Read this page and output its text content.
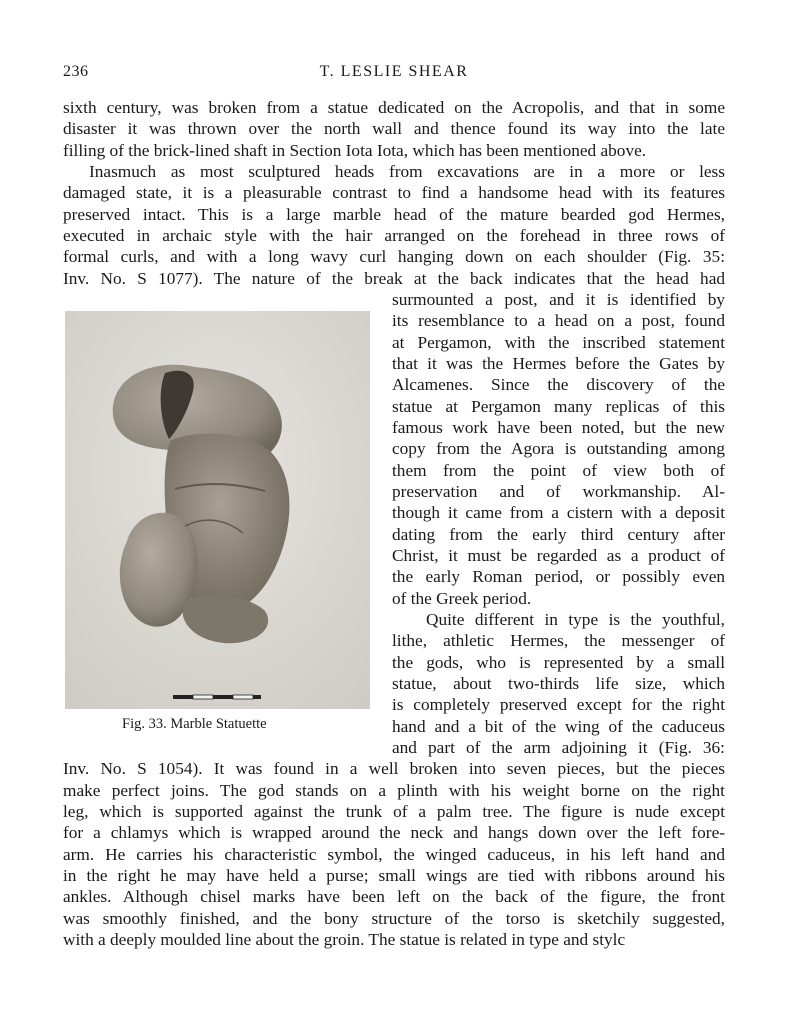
236	T. LESLIE SHEAR
sixth century, was broken from a statue dedicated on the Acropolis, and that in some
disaster it was thrown over the north wall and thence found its way into the late
filling of the brick-lined shaft in Section Iota Iota, which has been mentioned above.
Inasmuch as most sculptured heads from excavations are in a more or less
damaged state, it is a pleasurable contrast to find a handsome head with its features
preserved intact. This is a large marble head of the mature bearded god Hermes,
executed in archaic style with the hair arranged on the forehead in three rows of
formal curls, and with a long wavy curl hanging down on each shoulder (Fig. 35:
Inv. No. S 1077). The nature of the break at the back indicates that the head had
surmounted a post, and it is identified by
its resemblance to a head on a post, found
at Pergamon, with the inscribed statement
that it was the Hermes before the Gates by
Alcamenes. Since the discovery of the
statue at Pergamon many replicas of this
famous work have been noted, but the new
copy from the Agora is outstanding among
them from the point of view both of
preservation and of workmanship. Al-
though it came from a cistern with a deposit
dating from the early third century after
Christ, it must be regarded as a product of
the early Roman period, or possibly even
of the Greek period.
Quite different in type is the youthful,
lithe, athletic Hermes, the messenger of
the gods, who is represented by a small
statue, about two-thirds life size, which
is completely preserved except for the right
hand and a bit of the wing of the caduceus
and part of the arm adjoining it (Fig. 36:
Inv. No. S 1054). It was found in a well broken into seven pieces, but the pieces
make perfect joins. The god stands on a plinth with his weight borne on the right
leg, which is supported against the trunk of a palm tree. The figure is nude except
for a chlamys which is wrapped around the neck and hangs down over the left fore-
arm. He carries his characteristic symbol, the winged caduceus, in his left hand and
in the right he may have held a purse; small wings are tied with ribbons around his
ankles. Although chisel marks have been left on the back of the figure, the front
was smoothly finished, and the bony structure of the torso is sketchily suggested,
with a deeply moulded line about the groin. The statue is related in type and stylc
Fig. 33. Marble Statuette
